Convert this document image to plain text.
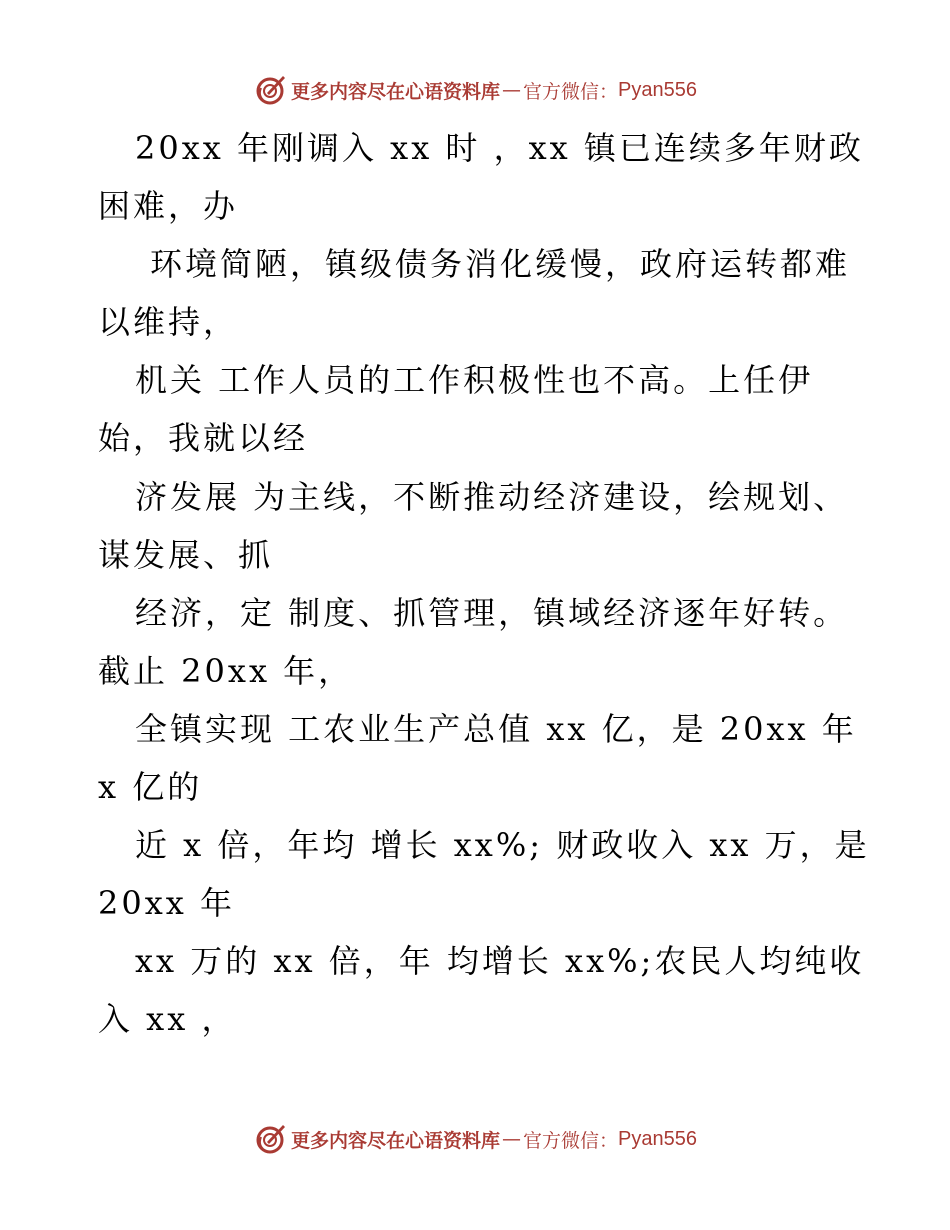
更多内容尽在心语资料库 — 官方微信： Pyan556
20xx 年刚调入 xx 时 ，xx 镇已连续多年财政
困难，办
环境简陋，镇级债务消化缓慢，政府运转都难
以维持，
机关 工作人员的工作积极性也不高。上任伊
始，我就以经
济发展 为主线，不断推动经济建设，绘规划、
谋发展、抓
经济，定 制度、抓管理，镇域经济逐年好转。
截止 20xx 年，
全镇实现 工农业生产总值 xx 亿，是 20xx 年
x 亿的
近 x 倍，年均 增长 xx%; 财政收入 xx 万，是
20xx 年
xx 万的 xx 倍，年 均增长 xx%;农民人均纯收
入 xx ，
更多内容尽在心语资料库 — 官方微信： Pyan556
